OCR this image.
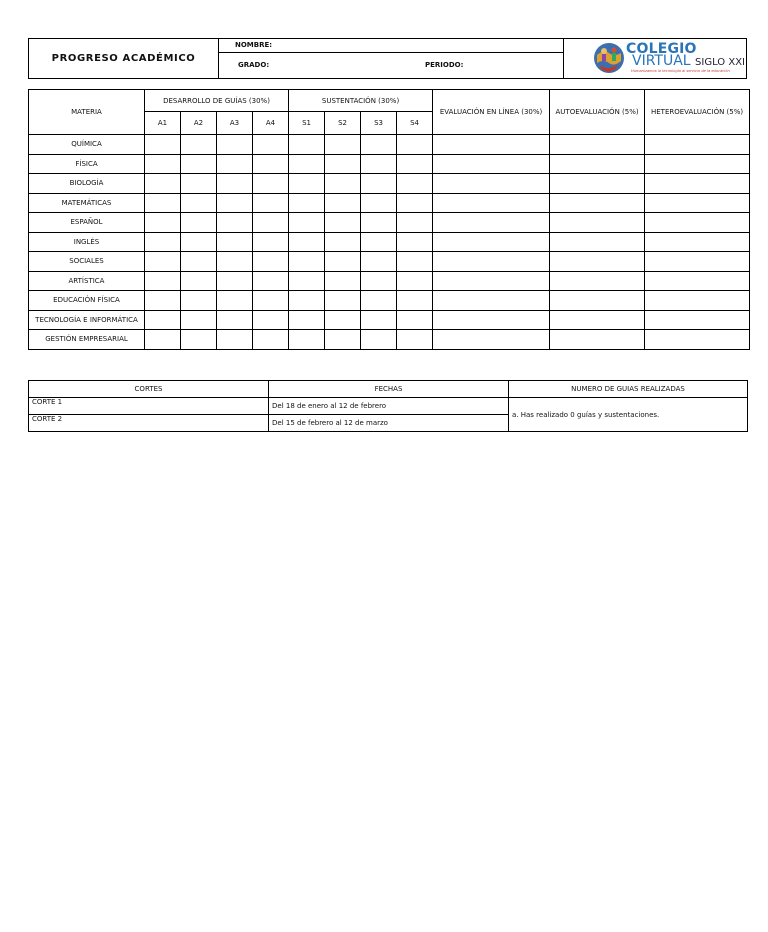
PROGRESO ACADÉMICO
NOMBRE:
GRADO:	PERIODO:
COLEGIO
VIRTUAL SIGLO XXI
Humanizamos la tecnología al servicio de la educación
MATERIA	DESARROLLO DE GUÍAS (30%)				SUSTENTACIÓN (30%)				EVALUACIÓN EN LÍNEA (30%)	AUTOEVALUACIÓN (5%)	HETEROEVALUACIÓN (5%)
	A1	A2	A3	A4	S1	S2	S3	S4			
QUÍMICA											
FÍSICA											
BIOLOGÍA											
MATEMÁTICAS											
ESPAÑOL											
INGLÉS											
SOCIALES											
ARTÍSTICA											
EDUCACIÓN FÍSICA											
TECNOLOGÍA E INFORMÁTICA											
GESTIÓN EMPRESARIAL											
CORTES	FECHAS	NUMERO DE GUIAS REALIZADAS
CORTE 1	Del 18 de enero al 12 de febrero	a. Has realizado 0 guías y sustentaciones.
CORTE 2	Del 15 de febrero al 12 de marzo	
